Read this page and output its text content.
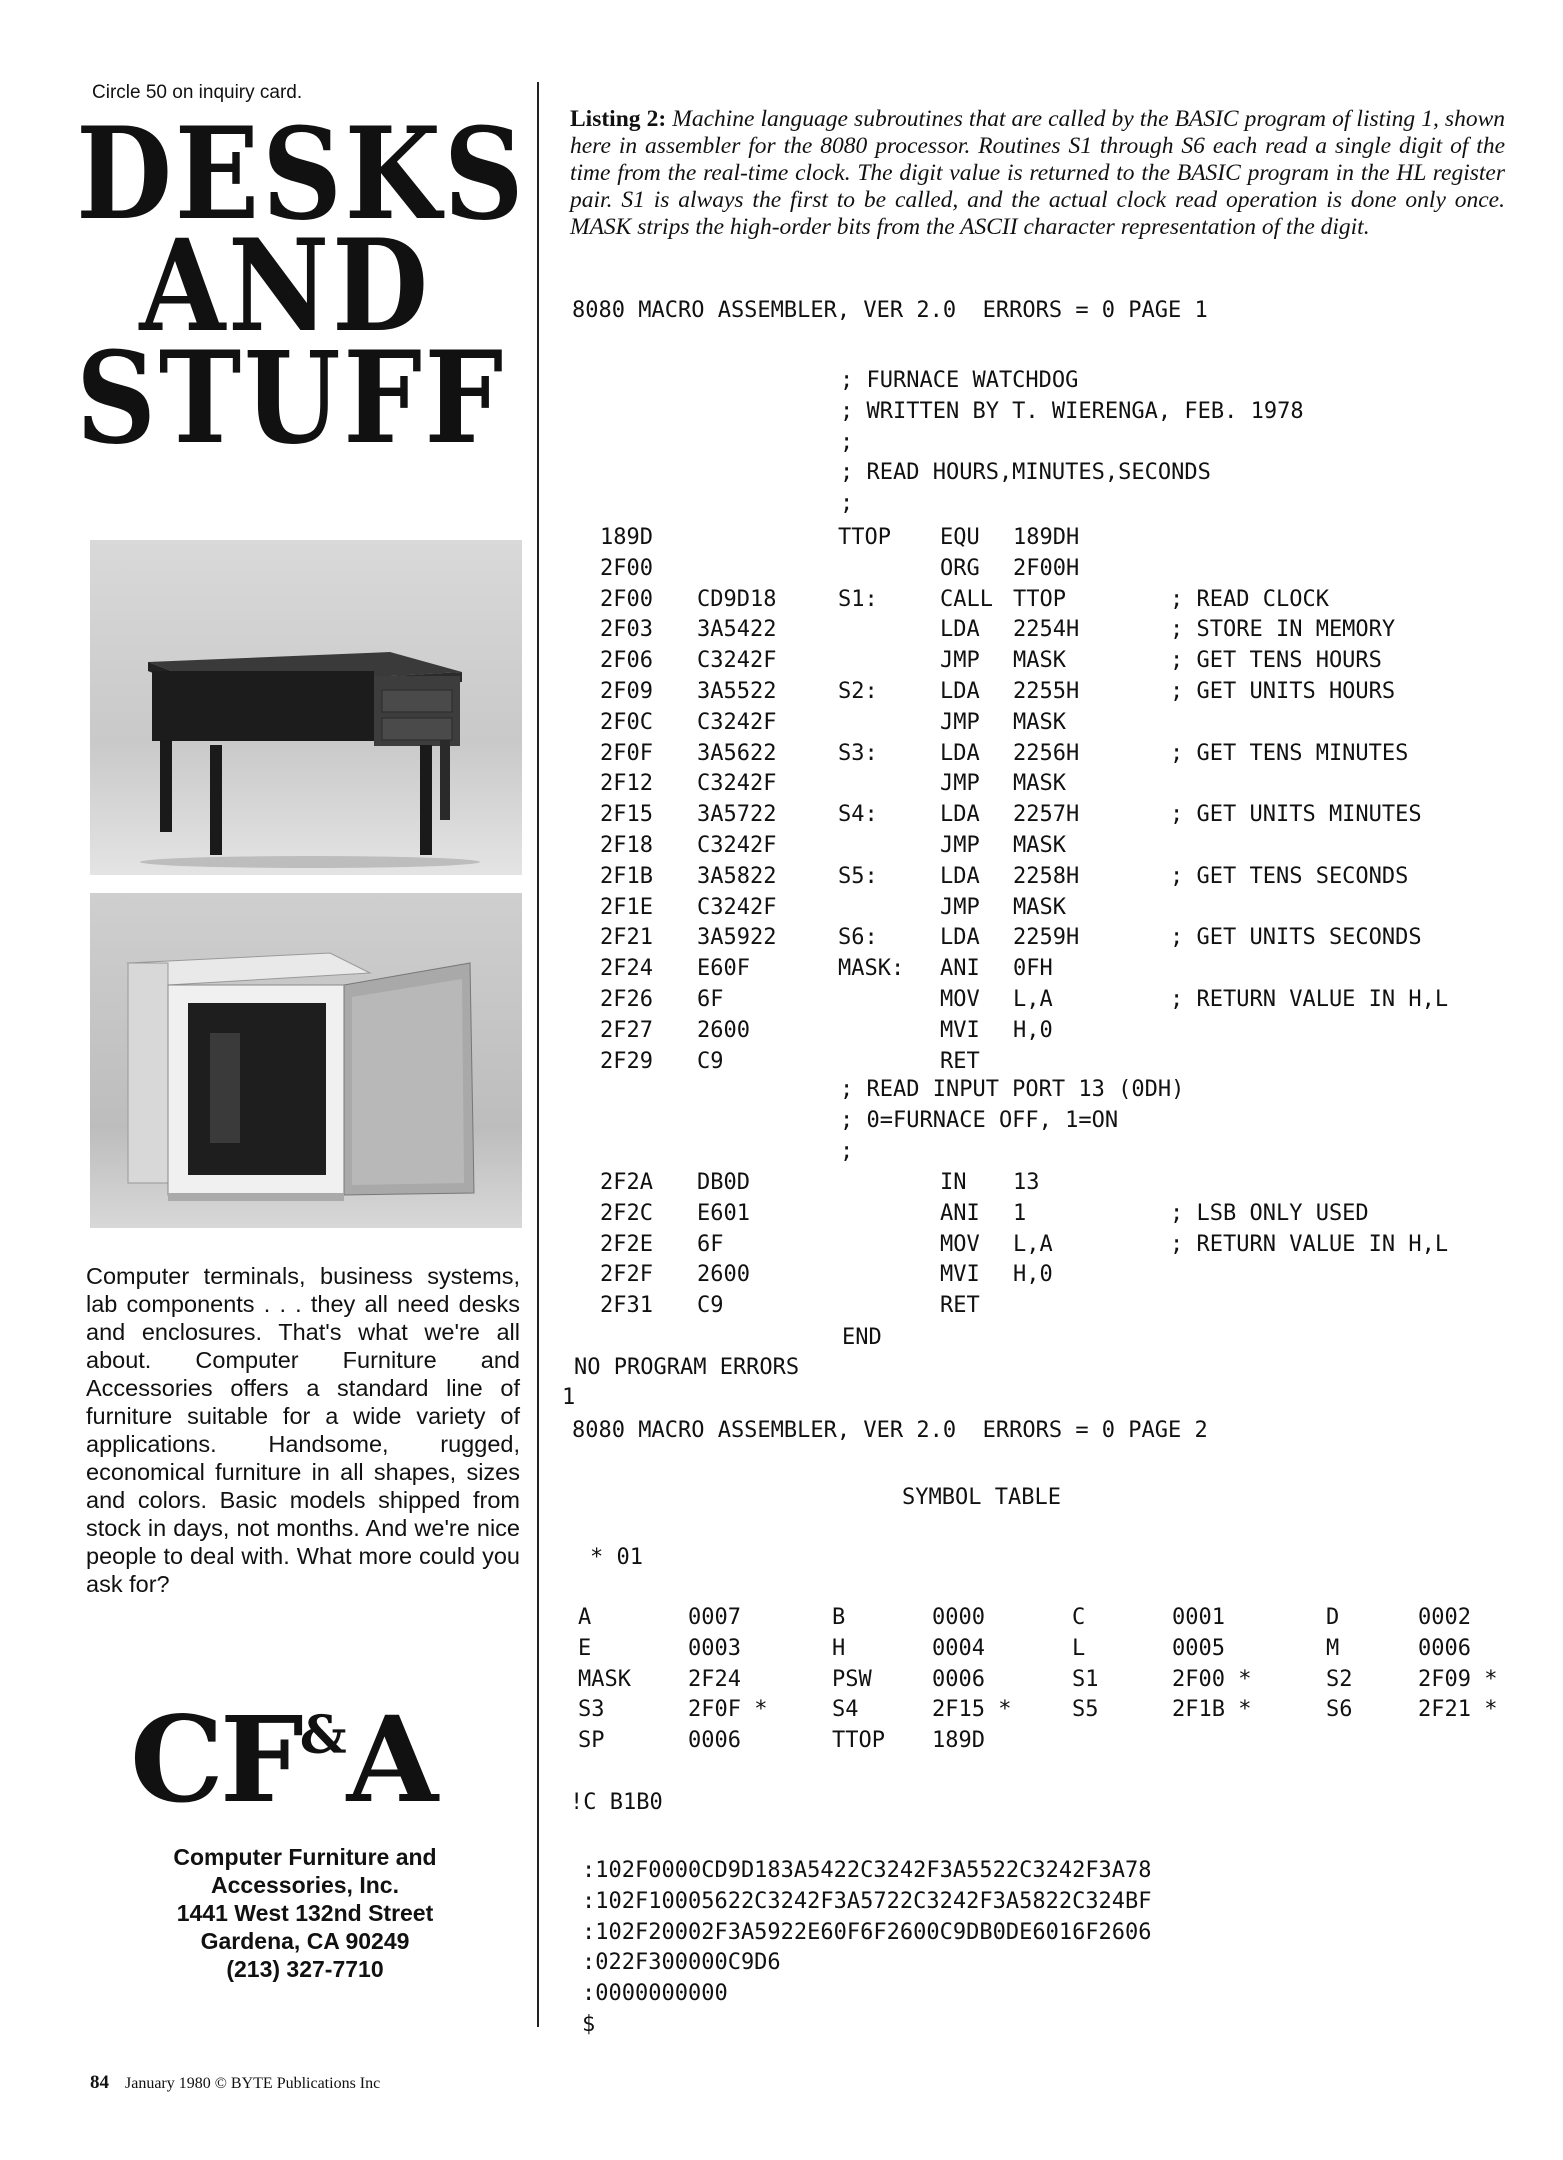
Circle 50 on inquiry card.
DESKS
AND
STUFF
Computer terminals, business systems, lab components . . . they all need desks and enclosures. That's what we're all about. Computer Furniture and Accessories offers a standard line of furniture suitable for a wide variety of applications. Handsome, rugged, economical furniture in all shapes, sizes and colors. Basic models shipped from stock in days, not months. And we're nice people to deal with. What more could you ask for?
CF&A
Computer Furniture and
Accessories, Inc.
1441 West 132nd Street
Gardena, CA 90249
(213) 327-7710
84 January 1980 © BYTE Publications Inc
Listing 2: Machine language subroutines that are called by the BASIC program of listing 1, shown here in assembler for the 8080 processor. Routines S1 through S6 each read a single digit of the time from the real-time clock. The digit value is returned to the BASIC program in the HL register pair. S1 is always the first to be called, and the actual clock read operation is done only once. MASK strips the high-order bits from the ASCII character representation of the digit.
8080 MACRO ASSEMBLER, VER 2.0  ERRORS = 0 PAGE 1
; FURNACE WATCHDOG
; WRITTEN BY T. WIERENGA, FEB. 1978
;
; READ HOURS,MINUTES,SECONDS
;
189D	TTOP EQU 189DH
2F00	ORG 2F00H
2F00 CD9D18	S1:	CALL TTOP	; READ CLOCK
2F03 3A5422	LDA 2254H	; STORE IN MEMORY
2F06 C3242F	JMP MASK	; GET TENS HOURS
2F09 3A5522	S2:	LDA 2255H	; GET UNITS HOURS
2F0C C3242F	JMP MASK
2F0F 3A5622	S3:	LDA 2256H	; GET TENS MINUTES
2F12 C3242F	JMP MASK
2F15 3A5722	S4:	LDA 2257H	; GET UNITS MINUTES
2F18 C3242F	JMP MASK
2F1B 3A5822	S5:	LDA 2258H	; GET TENS SECONDS
2F1E C3242F	JMP MASK
2F21 3A5922	S6:	LDA 2259H	; GET UNITS SECONDS
2F24 E60F	MASK: ANI 0FH
2F26 6F	MOV L,A	; RETURN VALUE IN H,L
2F27 2600	MVI H,0
2F29 C9	RET
; READ INPUT PORT 13 (0DH)
; 0=FURNACE OFF, 1=ON
;
2F2A DB0D	IN 13
2F2C E601	ANI 1	; LSB ONLY USED
2F2E 6F	MOV L,A	; RETURN VALUE IN H,L
2F2F 2600	MVI H,0
2F31 C9	RET
END
NO PROGRAM ERRORS
1
8080 MACRO ASSEMBLER, VER 2.0  ERRORS = 0 PAGE 2
SYMBOL TABLE
* 01
A	0007	B	0000	C	0001	D	0002
E	0003	H	0004	L	0005	M	0006
MASK	2F24	PSW	0006	S1	2F00 *	S2	2F09 *
S3	2F0F *	S4	2F15 *	S5	2F1B *	S6	2F21 *
SP	0006	TTOP 189D
!C B1B0
:102F0000CD9D183A5422C3242F3A5522C3242F3A78
:102F10005622C3242F3A5722C3242F3A5822C324BF
:102F20002F3A5922E60F6F2600C9DB0DE6016F2606
:022F300000C9D6
:0000000000
$
